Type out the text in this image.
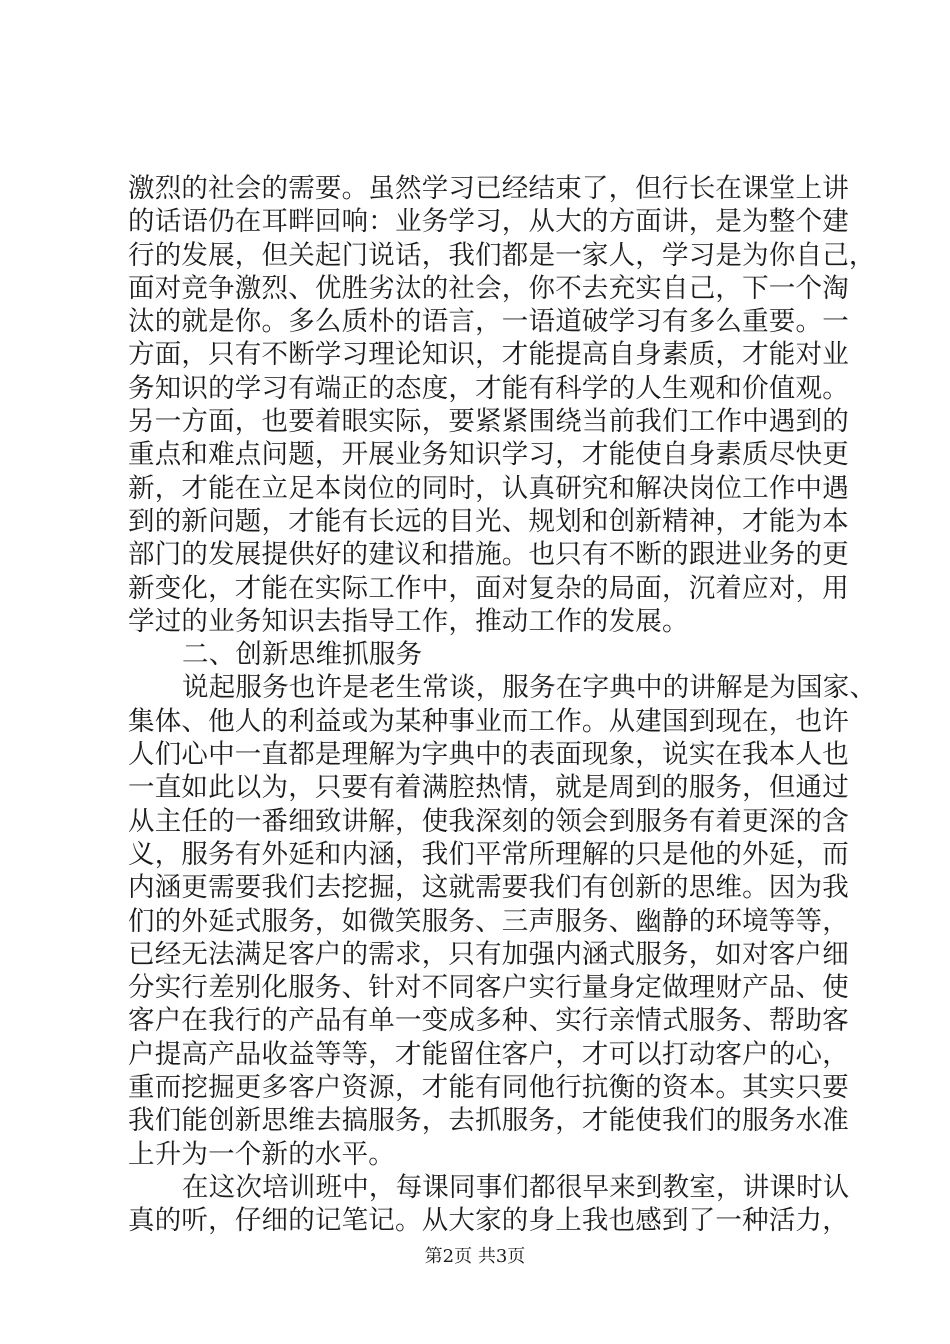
激烈的社会的需要。虽然学习已经结束了，但行长在课堂上讲
的话语仍在耳畔回响：业务学习，从大的方面讲，是为整个建
行的发展，但关起门说话，我们都是一家人，学习是为你自己，
面对竞争激烈、优胜劣汰的社会，你不去充实自己，下一个淘
汰的就是你。多么质朴的语言，一语道破学习有多么重要。一
方面，只有不断学习理论知识，才能提高自身素质，才能对业
务知识的学习有端正的态度，才能有科学的人生观和价值观。
另一方面，也要着眼实际，要紧紧围绕当前我们工作中遇到的
重点和难点问题，开展业务知识学习，才能使自身素质尽快更
新，才能在立足本岗位的同时，认真研究和解决岗位工作中遇
到的新问题，才能有长远的目光、规划和创新精神，才能为本
部门的发展提供好的建议和措施。也只有不断的跟进业务的更
新变化，才能在实际工作中，面对复杂的局面，沉着应对，用
学过的业务知识去指导工作，推动工作的发展。
二、创新思维抓服务
说起服务也许是老生常谈，服务在字典中的讲解是为国家、
集体、他人的利益或为某种事业而工作。从建国到现在，也许
人们心中一直都是理解为字典中的表面现象，说实在我本人也
一直如此以为，只要有着满腔热情，就是周到的服务，但通过
从主任的一番细致讲解，使我深刻的领会到服务有着更深的含
义，服务有外延和内涵，我们平常所理解的只是他的外延，而
内涵更需要我们去挖掘，这就需要我们有创新的思维。因为我
们的外延式服务，如微笑服务、三声服务、幽静的环境等等，
已经无法满足客户的需求，只有加强内涵式服务，如对客户细
分实行差别化服务、针对不同客户实行量身定做理财产品、使
客户在我行的产品有单一变成多种、实行亲情式服务、帮助客
户提高产品收益等等，才能留住客户，才可以打动客户的心，
重而挖掘更多客户资源，才能有同他行抗衡的资本。其实只要
我们能创新思维去搞服务，去抓服务，才能使我们的服务水准
上升为一个新的水平。
在这次培训班中，每课同事们都很早来到教室，讲课时认
真的听，仔细的记笔记。从大家的身上我也感到了一种活力，
第2页 共3页
